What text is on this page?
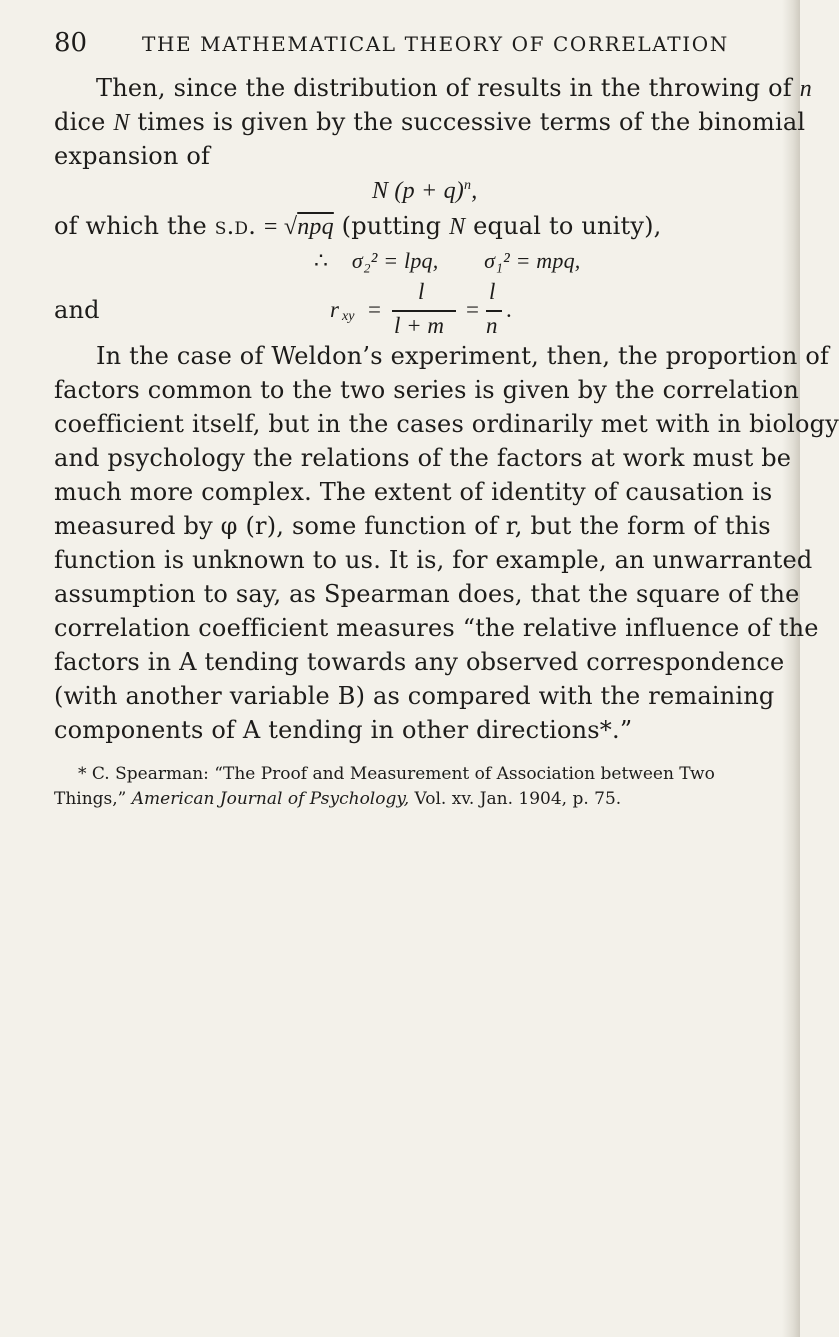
80	THE MATHEMATICAL THEORY OF CORRELATION
Then, since the distribution of results in the throwing of n
dice N times is given by the successive terms of the binomial
expansion of
N $(p + q)^n$,
of which the s.d. = √npq (putting N equal to unity),
∴ σ₂² = lpq, σ₁² = mpq,
and	r xy =
l
l + m
=
l
n
.
In the case of Weldon’s experiment, then, the proportion of
factors common to the two series is given by the correlation
coefficient itself, but in the cases ordinarily met with in biology
and psychology the relations of the factors at work must be
much more complex. The extent of identity of causation is
measured by φ (r), some function of r, but the form of this
function is unknown to us. It is, for example, an unwarranted
assumption to say, as Spearman does, that the square of the
correlation coefficient measures “the relative influence of the
factors in A tending towards any observed correspondence
(with another variable B) as compared with the remaining
components of A tending in other directions*.”
* C. Spearman: “The Proof and Measurement of Association between Two
Things,” American Journal of Psychology, Vol. xv. Jan. 1904, p. 75.
